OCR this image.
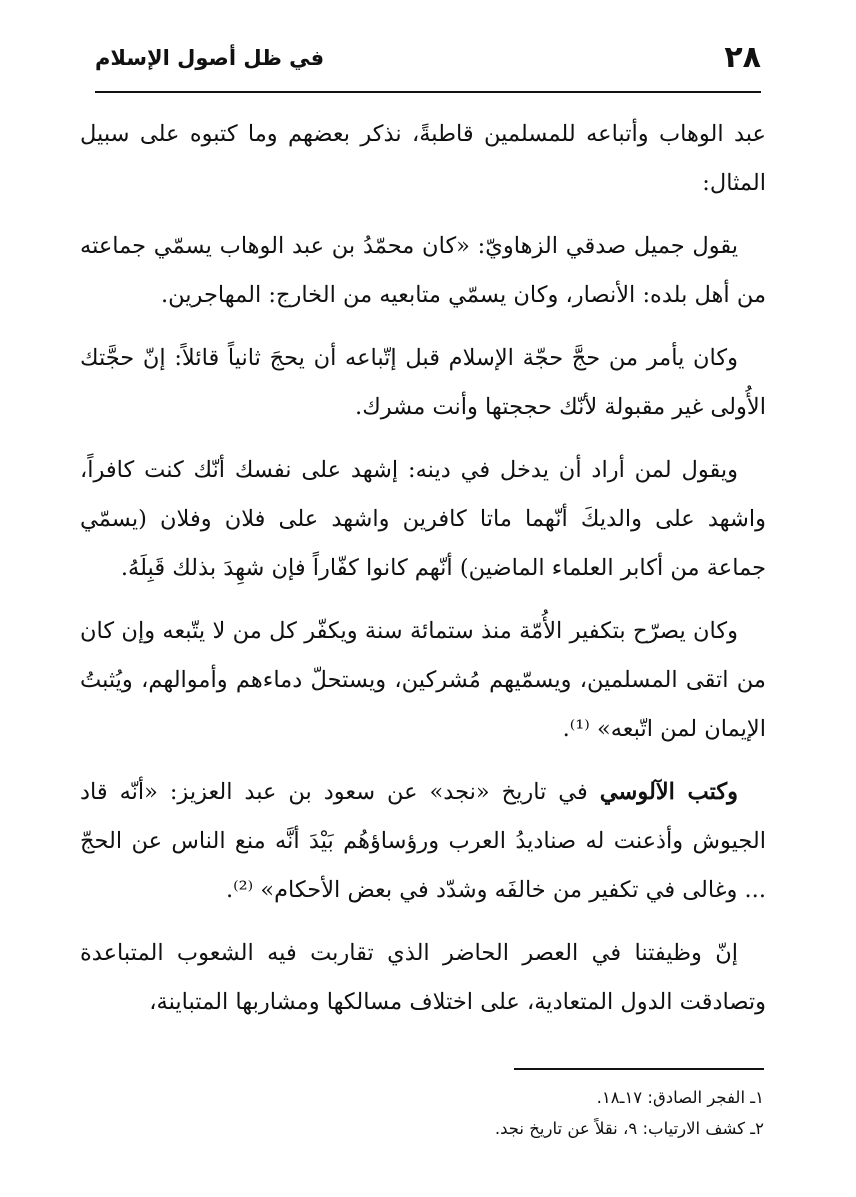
٢٨
في ظل أصول الإسلام

عبد الوهاب وأتباعه للمسلمين قاطبةً، نذكر بعضهم وما كتبوه على سبيل المثال:

يقول جميل صدقي الزهاويّ: «كان محمّدُ بن عبد الوهاب يسمّي جماعته من أهل بلده: الأنصار، وكان يسمّي متابعيه من الخارج: المهاجرين.

وكان يأمر من حجَّ حجّة الإسلام قبل إتّباعه أن يحجَ ثانياً قائلاً: إنّ حجَّتك الأُولى غير مقبولة لأنّك حججتها وأنت مشرك.

ويقول لمن أراد أن يدخل في دينه: إشهد على نفسك أنّك كنت كافراً، واشهد على والديكَ أنّهما ماتا كافرين واشهد على فلان وفلان (يسمّي جماعة من أكابر العلماء الماضين) أنّهم كانوا كفّاراً فإن شهِدَ بذلك قَبِلَهُ.

وكان يصرّح بتكفير الأُمّة منذ ستمائة سنة ويكفّر كل من لا يتّبعه وإن كان من اتقى المسلمين، ويسمّيهم مُشركين، ويستحلّ دماءهم وأموالهم، ويُثبتُ الإيمان لمن اتّبعه» ⁽¹⁾.

وكتب الآلوسي في تاريخ «نجد» عن سعود بن عبد العزيز: «أنّه قاد الجيوش وأذعنت له صناديدُ العرب ورؤساؤهُم بَيْدَ أنَّه منع الناس عن الحجّ ... وغالى في تكفير من خالفَه وشدّد في بعض الأحكام» ⁽²⁾.

إنّ وظيفتنا في العصر الحاضر الذي تقاربت فيه الشعوب المتباعدة وتصادقت الدول المتعادية، على اختلاف مسالكها ومشاربها المتباينة،

١ـ الفجر الصادق: ١٧ـ١٨.
٢ـ كشف الارتياب: ٩، نقلاً عن تاريخ نجد.
